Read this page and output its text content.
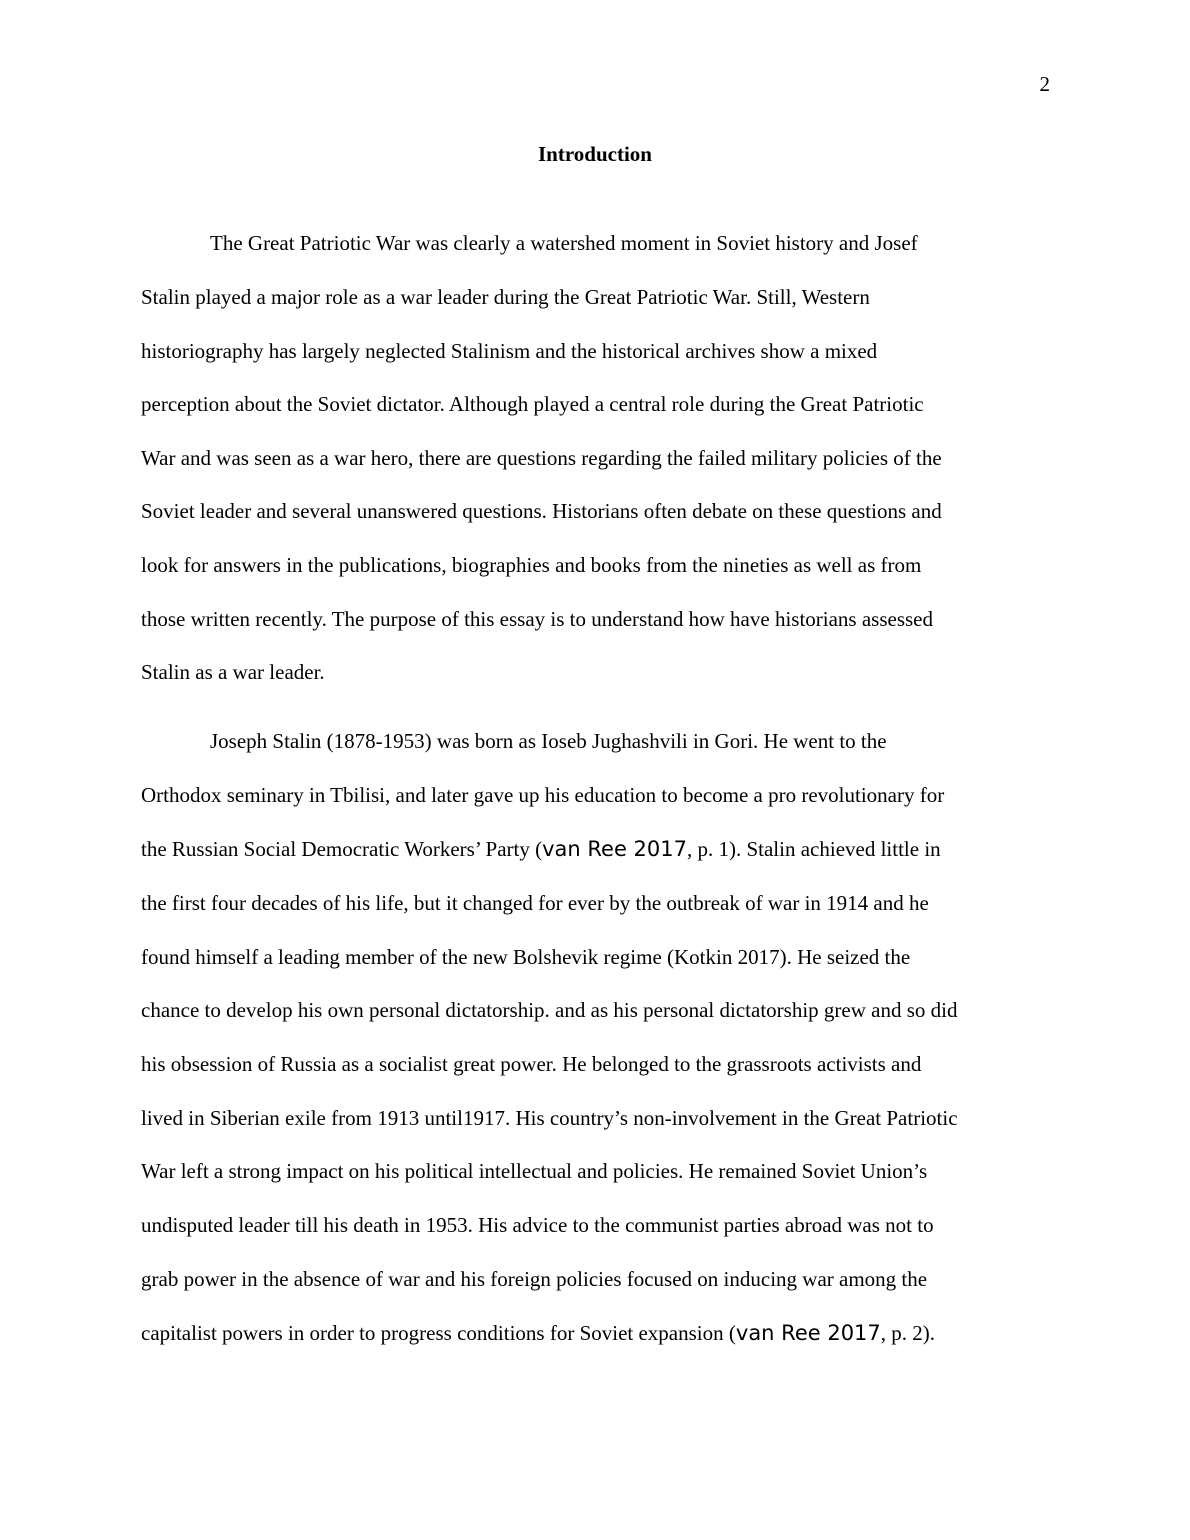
2
Introduction
The Great Patriotic War was clearly a watershed moment in Soviet history and Josef
Stalin played a major role as a war leader during the Great Patriotic War. Still, Western
historiography has largely neglected Stalinism and the historical archives show a mixed
perception about the Soviet dictator. Although played a central role during the Great Patriotic
War and was seen as a war hero, there are questions regarding the failed military policies of the
Soviet leader and several unanswered questions. Historians often debate on these questions and
look for answers in the publications, biographies and books from the nineties as well as from
those written recently. The purpose of this essay is to understand how have historians assessed
Stalin as a war leader.
Joseph Stalin (1878-1953) was born as Ioseb Jughashvili in Gori. He went to the
Orthodox seminary in Tbilisi, and later gave up his education to become a pro revolutionary for
the Russian Social Democratic Workers’ Party (van Ree 2017, p. 1). Stalin achieved little in
the first four decades of his life, but it changed for ever by the outbreak of war in 1914 and he
found himself a leading member of the new Bolshevik regime (Kotkin 2017). He seized the
chance to develop his own personal dictatorship. and as his personal dictatorship grew and so did
his obsession of Russia as a socialist great power. He belonged to the grassroots activists and
lived in Siberian exile from 1913 until1917. His country’s non-involvement in the Great Patriotic
War left a strong impact on his political intellectual and policies. He remained Soviet Union’s
undisputed leader till his death in 1953. His advice to the communist parties abroad was not to
grab power in the absence of war and his foreign policies focused on inducing war among the
capitalist powers in order to progress conditions for Soviet expansion (van Ree 2017, p. 2).
